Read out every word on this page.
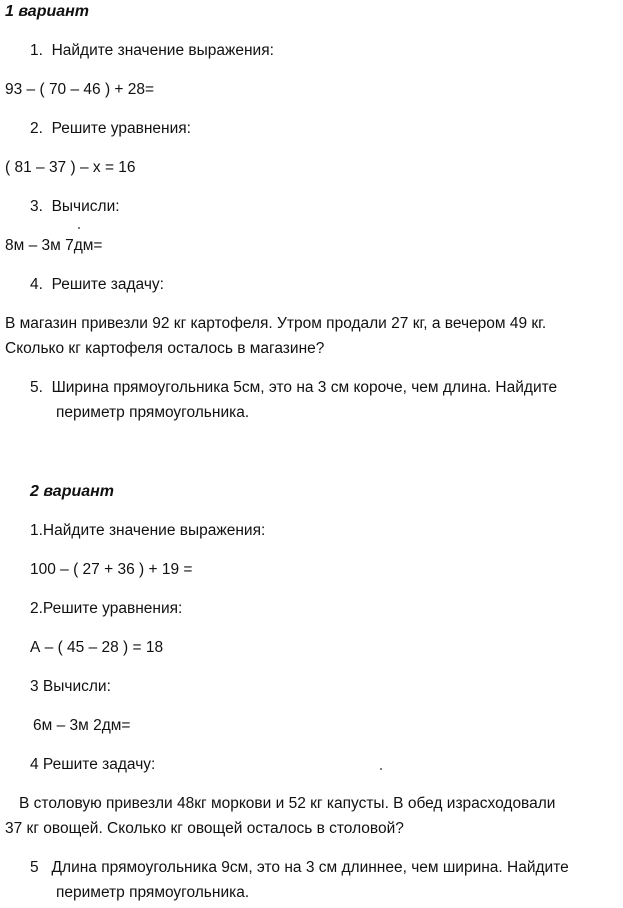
1 вариант
1. Найдите значение выражения:
93 – ( 70 – 46 ) + 28=
2. Решите уравнения:
( 81 – 37 ) – х = 16
3. Вычисли:
8м – 3м 7дм=
4. Решите задачу:
В магазин привезли 92 кг картофеля. Утром продали 27 кг, а вечером 49 кг.
Сколько кг картофеля осталось в магазине?
5. Ширина прямоугольника 5см, это на 3 см короче, чем длина. Найдите
периметр прямоугольника.
2 вариант
1.Найдите значение выражения:
100 – ( 27 + 36 ) + 19 =
2.Решите уравнения:
А – ( 45 – 28 ) = 18
3 Вычисли:
6м – 3м 2дм=
4 Решите задачу:
В столовую привезли 48кг моркови и 52 кг капусты. В обед израсходовали
37 кг овощей. Сколько кг овощей осталось в столовой?
5 Длина прямоугольника 9см, это на 3 см длиннее, чем ширина. Найдите
периметр прямоугольника.
